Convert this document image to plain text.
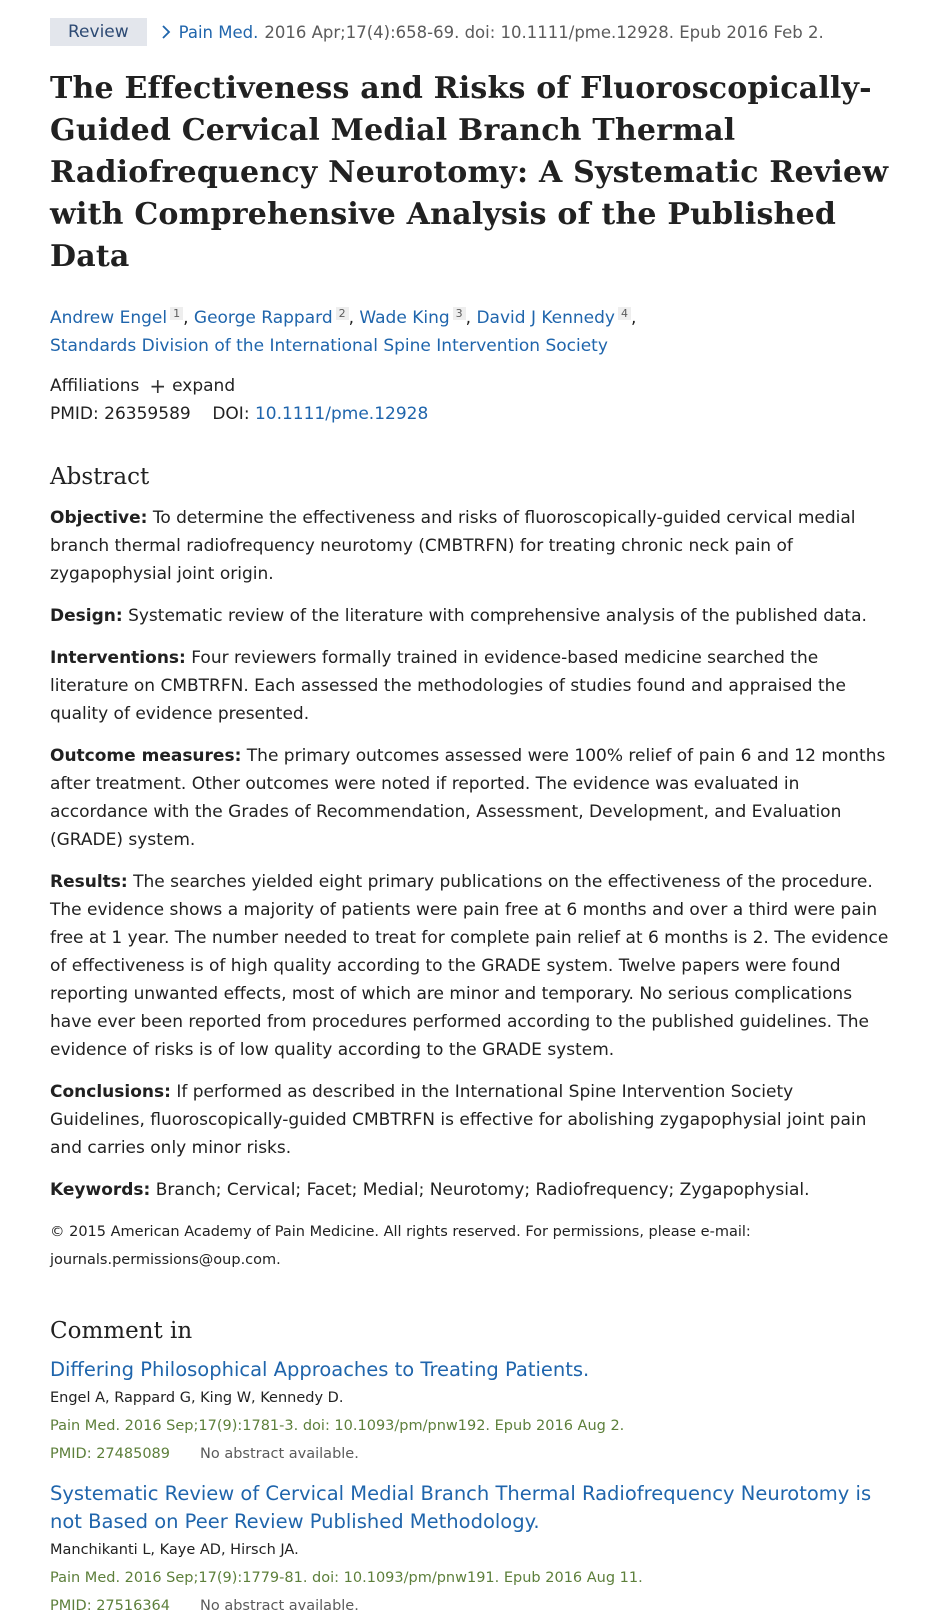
Review	Pain Med. 2016 Apr;17(4):658-69. doi: 10.1111/pme.12928. Epub 2016 Feb 2.
The Effectiveness and Risks of Fluoroscopically-Guided Cervical Medial Branch Thermal Radiofrequency Neurotomy: A Systematic Review with Comprehensive Analysis of the Published Data
Andrew Engel $^1$ , George Rappard $^2$ , Wade King $^3$ , David J Kennedy $^4$ ,
Standards Division of the International Spine Intervention Society
Affiliations + expand
PMID: 26359589 DOI: 10.1111/pme.12928
Abstract

Objective: To determine the effectiveness and risks of fluoroscopically-guided cervical medial branch thermal radiofrequency neurotomy (CMBTRFN) for treating chronic neck pain of zygapophysial joint origin.

Design: Systematic review of the literature with comprehensive analysis of the published data.

Interventions: Four reviewers formally trained in evidence-based medicine searched the literature on CMBTRFN. Each assessed the methodologies of studies found and appraised the quality of evidence presented.

Outcome measures: The primary outcomes assessed were 100% relief of pain 6 and 12 months after treatment. Other outcomes were noted if reported. The evidence was evaluated in accordance with the Grades of Recommendation, Assessment, Development, and Evaluation (GRADE) system.

Results: The searches yielded eight primary publications on the effectiveness of the procedure. The evidence shows a majority of patients were pain free at 6 months and over a third were pain free at 1 year. The number needed to treat for complete pain relief at 6 months is 2. The evidence of effectiveness is of high quality according to the GRADE system. Twelve papers were found reporting unwanted effects, most of which are minor and temporary. No serious complications have ever been reported from procedures performed according to the published guidelines. The evidence of risks is of low quality according to the GRADE system.

Conclusions: If performed as described in the International Spine Intervention Society Guidelines, fluoroscopically-guided CMBTRFN is effective for abolishing zygapophysial joint pain and carries only minor risks.

Keywords: Branch; Cervical; Facet; Medial; Neurotomy; Radiofrequency; Zygapophysial.

© 2015 American Academy of Pain Medicine. All rights reserved. For permissions, please e-mail: journals.permissions@oup.com.
Comment in
Differing Philosophical Approaches to Treating Patients.
Engel A, Rappard G, King W, Kennedy D.
Pain Med. 2016 Sep;17(9):1781-3. doi: 10.1093/pm/pnw192. Epub 2016 Aug 2.
PMID: 27485089 No abstract available.
Systematic Review of Cervical Medial Branch Thermal Radiofrequency Neurotomy is not Based on Peer Review Published Methodology.
Manchikanti L, Kaye AD, Hirsch JA.
Pain Med. 2016 Sep;17(9):1779-81. doi: 10.1093/pm/pnw191. Epub 2016 Aug 11.
PMID: 27516364 No abstract available.
